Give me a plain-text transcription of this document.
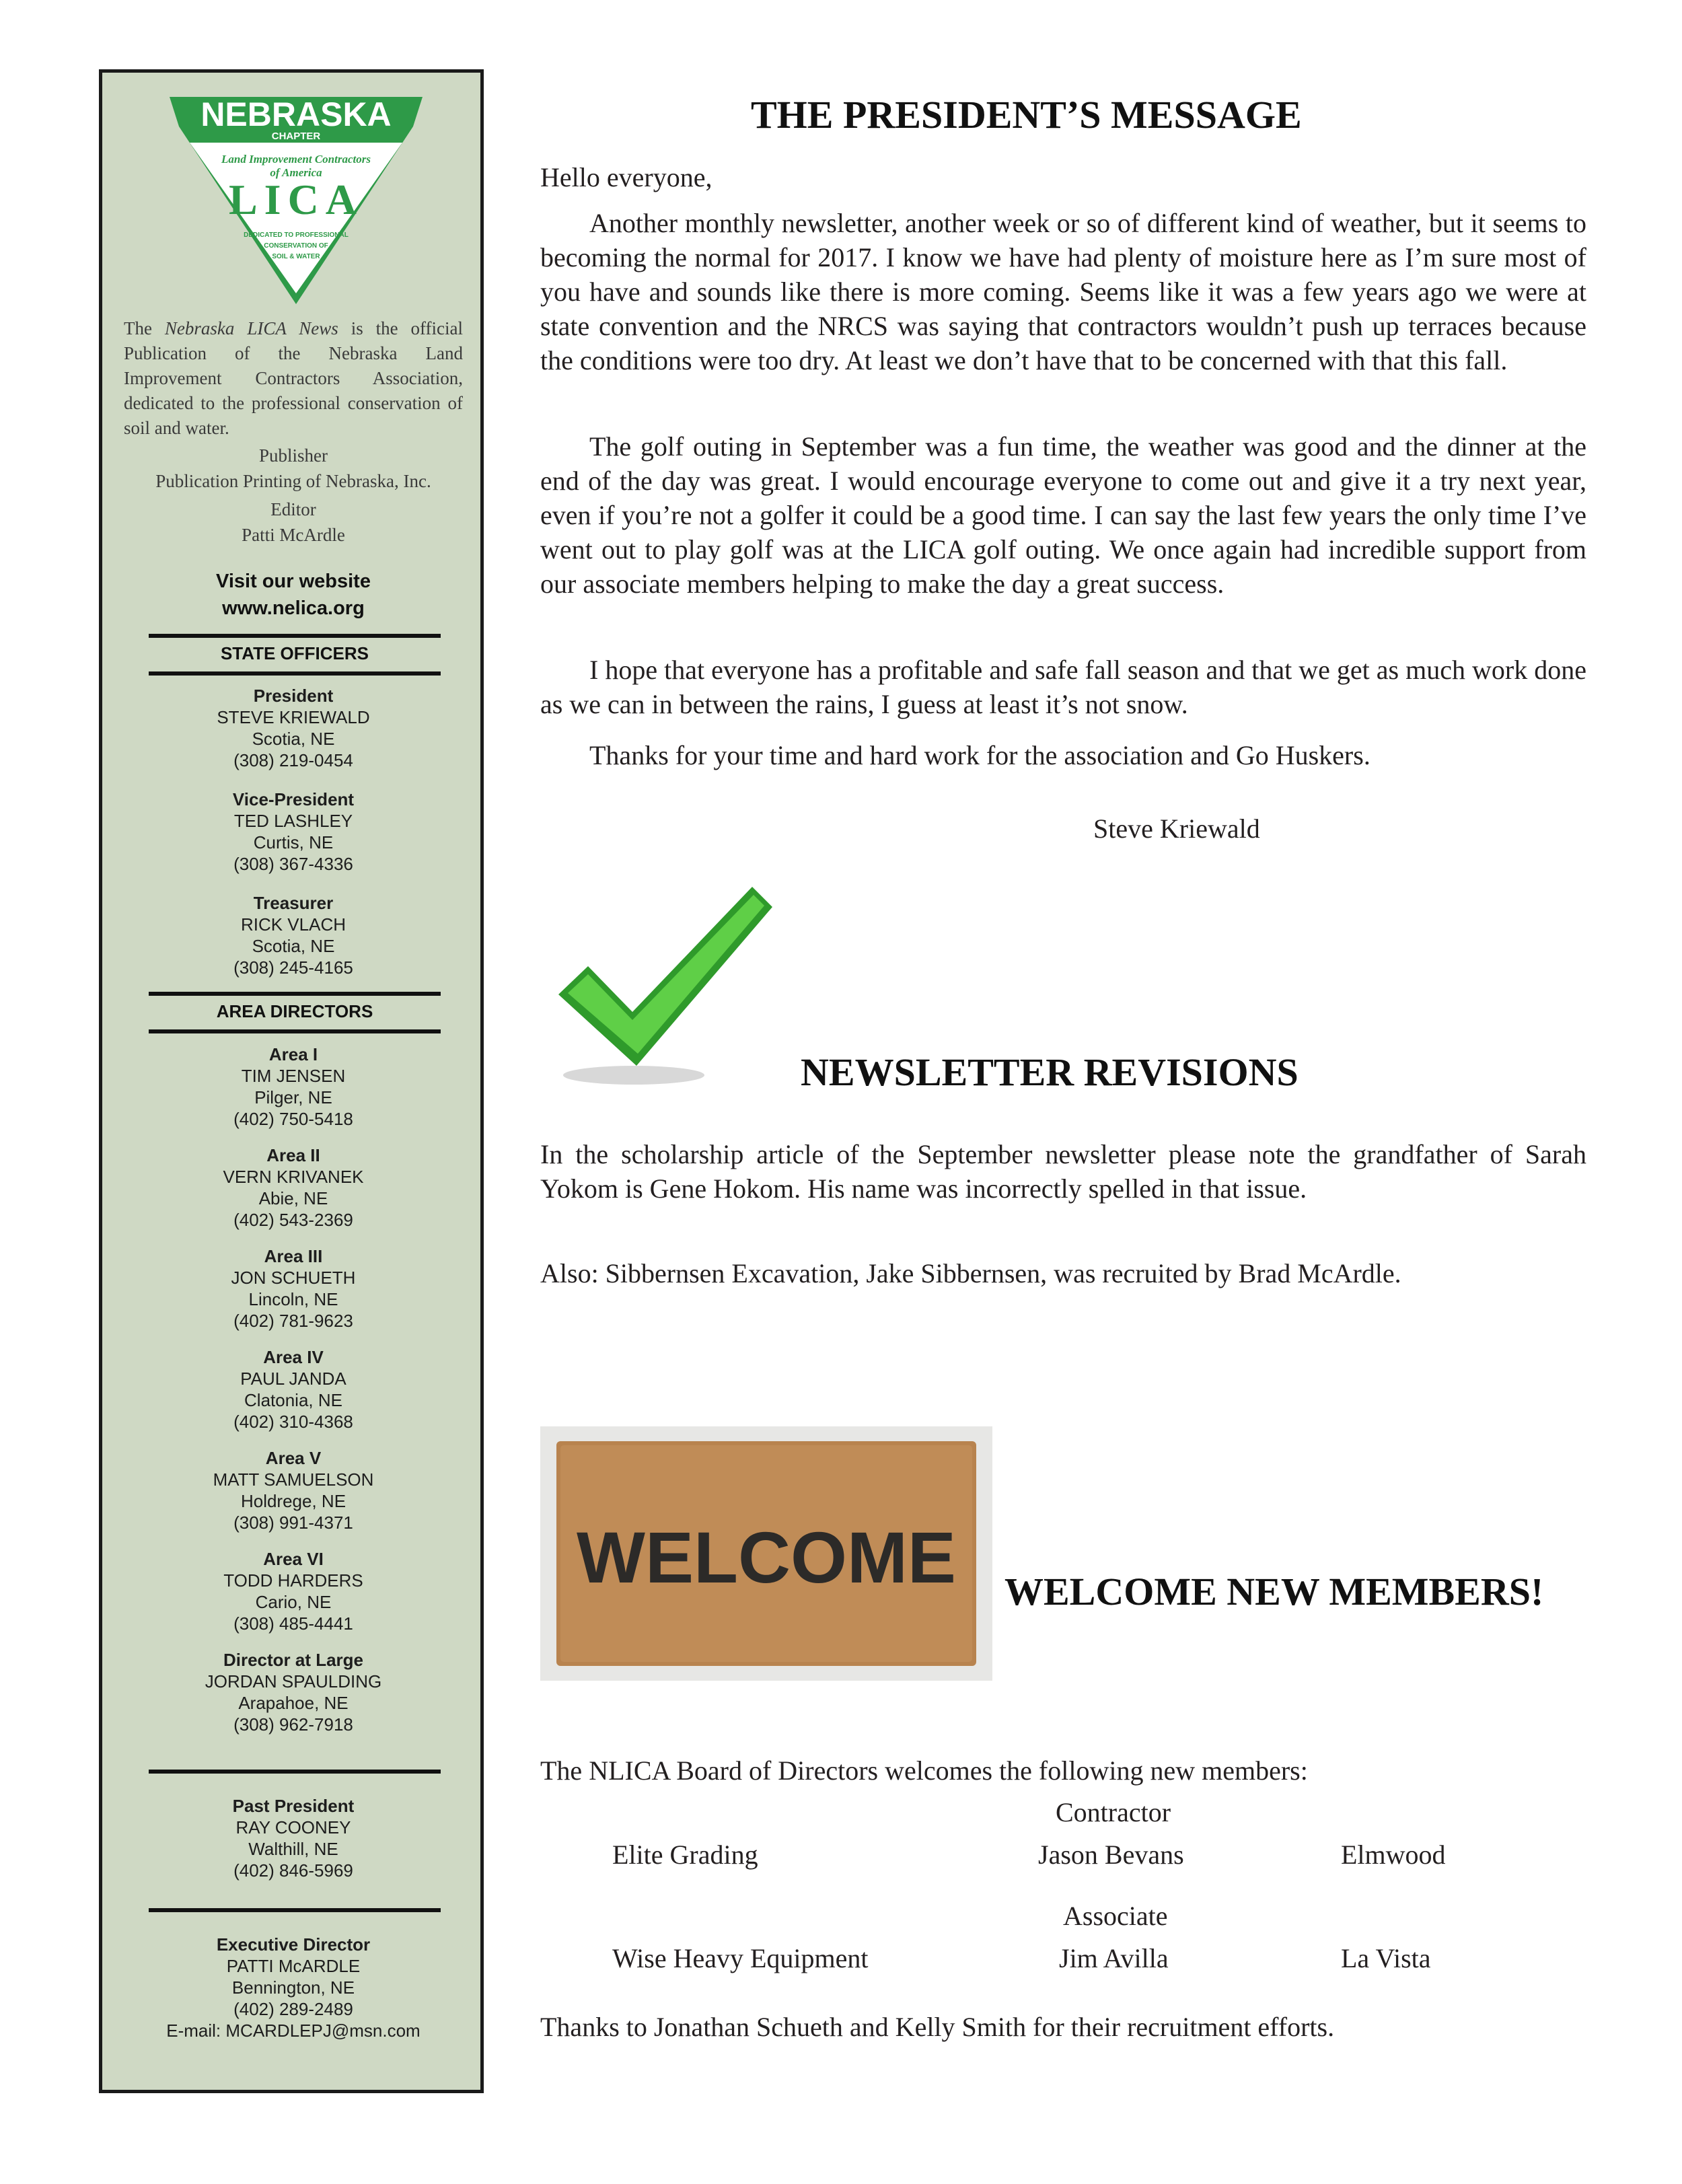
NEBRASKA
CHAPTER
Land Improvement Contractors
of America
LICA
DEDICATED TO PROFESSIONAL
CONSERVATION OF
SOIL & WATER
The Nebraska LICA News is the official Publication of the Nebraska Land Improvement Contractors Association, dedicated to the professional conservation of soil and water.
Publisher
Publication Printing of Nebraska, Inc.
Editor
Patti McArdle
Visit our website
www.nelica.org
STATE OFFICERS
President
STEVE KRIEWALD
Scotia, NE
(308) 219-0454
Vice-President
TED LASHLEY
Curtis, NE
(308) 367-4336
Treasurer
RICK VLACH
Scotia, NE
(308) 245-4165
AREA DIRECTORS
Area I
TIM JENSEN
Pilger, NE
(402) 750-5418
Area II
VERN KRIVANEK
Abie, NE
(402) 543-2369
Area III
JON SCHUETH
Lincoln, NE
(402) 781-9623
Area IV
PAUL JANDA
Clatonia, NE
(402) 310-4368
Area V
MATT SAMUELSON
Holdrege, NE
(308) 991-4371
Area VI
TODD HARDERS
Cario, NE
(308) 485-4441
Director at Large
JORDAN SPAULDING
Arapahoe, NE
(308) 962-7918
Past President
RAY COONEY
Walthill, NE
(402) 846-5969
Executive Director
PATTI McARDLE
Bennington, NE
(402) 289-2489
E-mail: MCARDLEPJ@msn.com
THE PRESIDENT’S MESSAGE
Hello everyone,
Another monthly newsletter, another week or so of different kind of weather, but it seems to becoming the normal for 2017. I know we have had plenty of moisture here as I’m sure most of you have and sounds like there is more coming. Seems like it was a few years ago we were at state convention and the NRCS was saying that contractors wouldn’t push up terraces because the conditions were too dry. At least we don’t have that to be concerned with that this fall.
The golf outing in September was a fun time, the weather was good and the dinner at the end of the day was great. I would encourage everyone to come out and give it a try next year, even if you’re not a golfer it could be a good time. I can say the last few years the only time I’ve went out to play golf was at the LICA golf outing. We once again had incredible support from our associate members helping to make the day a great success.
I hope that everyone has a profitable and safe fall season and that we get as much work done as we can in between the rains, I guess at least it’s not snow.
Thanks for your time and hard work for the association and Go Huskers.
Steve Kriewald
NEWSLETTER REVISIONS
In the scholarship article of the September newsletter please note the grandfather of Sarah Yokom is Gene Hokom. His name was incorrectly spelled in that issue.
Also: Sibbernsen Excavation, Jake Sibbernsen, was recruited by Brad McArdle.
WELCOME WELCOME NEW MEMBERS!
The NLICA Board of Directors welcomes the following new members:
Contractor
Elite Grading	Jason Bevans	Elmwood
Associate
Wise Heavy Equipment	Jim Avilla	La Vista
Thanks to Jonathan Schueth and Kelly Smith for their recruitment efforts.
